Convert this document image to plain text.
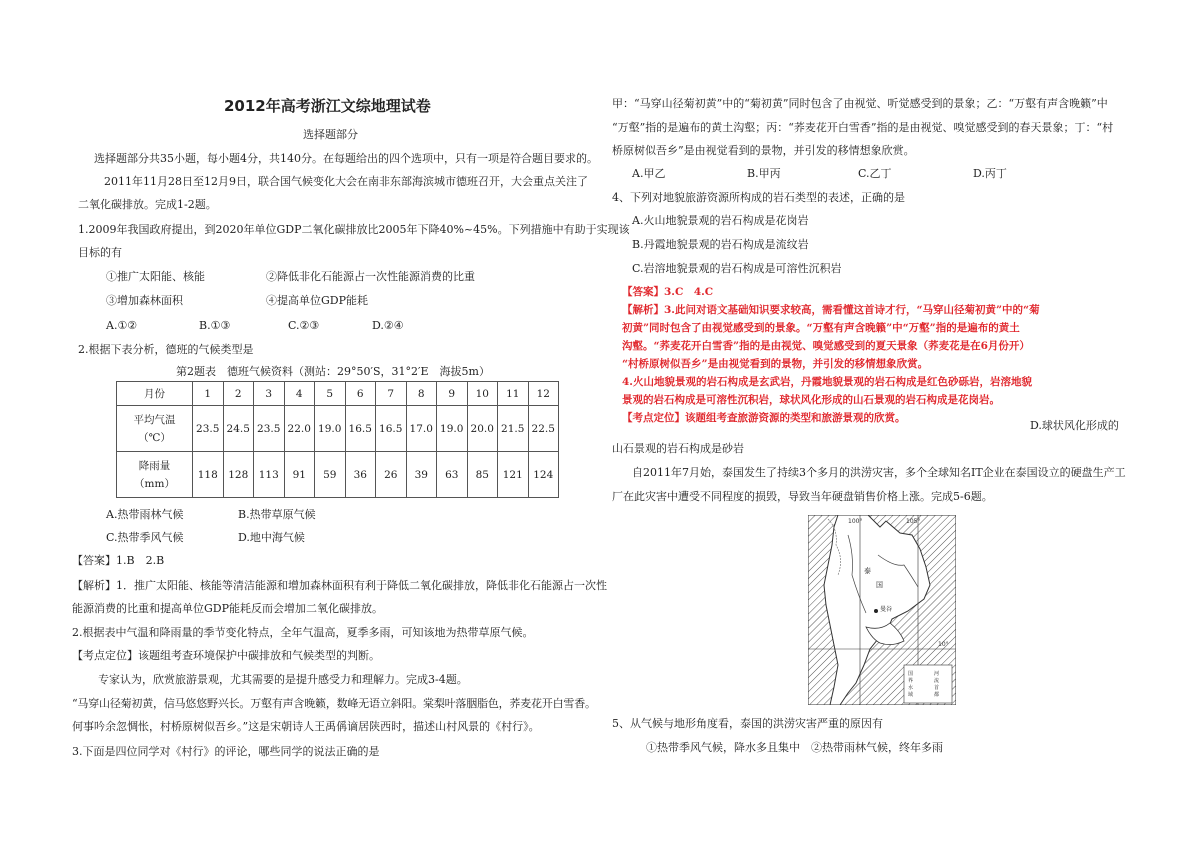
2012年高考浙江文综地理试卷
选择题部分
选择题部分共35小题，每小题4分，共140分。在每题给出的四个选项中，只有一项是符合题目要求的。
2011年11月28日至12月9日，联合国气候变化大会在南非东部海滨城市德班召开，大会重点关注了
二氧化碳排放。完成1-2题。
1.2009年我国政府提出，到2020年单位GDP二氧化碳排放比2005年下降40%~45%。下列措施中有助于实现该
目标的有
①推广太阳能、核能	②降低非化石能源占一次性能源消费的比重
③增加森林面积	④提高单位GDP能耗
A.①②	B.①③	C.②③	D.②④
2.根据下表分析，德班的气候类型是
第2题表　德班气候资料（测站：29°50′S，31°2′E　海拔5m）
月份	1	2	3	4	5	6	7	8	9	10	11	12
平均气温
（℃）	23.5	24.5	23.5	22.0	19.0	16.5	16.5	17.0	19.0	20.0	21.5	22.5
降雨量
（mm）	118	128	113	91	59	36	26	39	63	85	121	124
A.热带雨林气候	B.热带草原气候
C.热带季风气候	D.地中海气候
【答案】1.B　2.B
【解析】1．推广太阳能、核能等清洁能源和增加森林面积有利于降低二氧化碳排放，降低非化石能源占一次性
能源消费的比重和提高单位GDP能耗反而会增加二氧化碳排放。
2.根据表中气温和降雨量的季节变化特点，全年气温高，夏季多雨，可知该地为热带草原气候。
【考点定位】该题组考查环境保护中碳排放和气候类型的判断。
专家认为，欣赏旅游景观，尤其需要的是提升感受力和理解力。完成3-4题。
“马穿山径菊初黄，信马悠悠野兴长。万壑有声含晚籁，数峰无语立斜阳。棠梨叶落胭脂色，荞麦花开白雪香。
何事吟余忽惆怅，村桥原树似吾乡。”这是宋朝诗人王禹偁谪居陕西时，描述山村风景的《村行》。
3.下面是四位同学对《村行》的评论，哪些同学的说法正确的是
甲：“马穿山径菊初黄”中的“菊初黄”同时包含了由视觉、听觉感受到的景象；乙：“万壑有声含晚籁”中
“万壑”指的是遍布的黄土沟壑；丙：“荞麦花开白雪香”指的是由视觉、嗅觉感受到的春天景象；丁：“村
桥原树似吾乡”是由视觉看到的景物，并引发的移情想象欣赏。
A.甲乙	B.甲丙	C.乙丁	D.丙丁
4、下列对地貌旅游资源所构成的岩石类型的表述，正确的是
A.火山地貌景观的岩石构成是花岗岩
B.丹霞地貌景观的岩石构成是流纹岩
C.岩溶地貌景观的岩石构成是可溶性沉积岩
【答案】3.C　4.C
【解析】3.此问对语文基础知识要求较高，需看懂这首诗才行，“马穿山径菊初黄”中的“菊
初黄”同时包含了由视觉感受到的景象。“万壑有声含晚籁”中“万壑”指的是遍布的黄土
沟壑。“荞麦花开白雪香”指的是由视觉、嗅觉感受到的夏天景象（荞麦花是在6月份开）
“村桥原树似吾乡”是由视觉看到的景物，并引发的移情想象欣赏。
4.火山地貌景观的岩石构成是玄武岩，丹霞地貌景观的岩石构成是红色砂砾岩，岩溶地貌
景观的岩石构成是可溶性沉积岩，球状风化形成的山石景观的岩石构成是花岗岩。
【考点定位】该题组考查旅游资源的类型和旅游景观的欣赏。
D.球状风化形成的
山石景观的岩石构成是砂岩
自2011年7月始，泰国发生了持续3个多月的洪涝灾害，多个全球知名IT企业在泰国设立的硬盘生产工
厂在此灾害中遭受不同程度的损毁，导致当年硬盘销售价格上涨。完成5-6题。
100°	105°
10°
泰
国
曼谷
国
界
水
域
河
流
首
都
5、从气候与地形角度看，泰国的洪涝灾害严重的原因有
①热带季风气候，降水多且集中　②热带雨林气候，终年多雨
